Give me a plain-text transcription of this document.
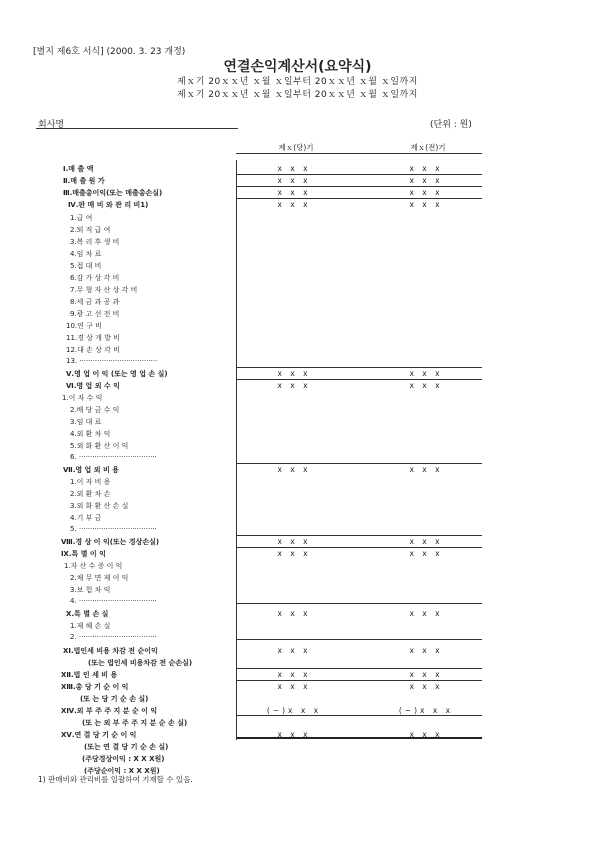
[별지 제6호 서식] (2000. 3. 23 개정)
연결손익계산서(요약식)
제ｘ기 20ｘｘ년 ｘ월 ｘ일부터 20ｘｘ년 ｘ월 ｘ일까지
제ｘ기 20ｘｘ년 ｘ월 ｘ일부터 20ｘｘ년 ｘ월 ｘ일까지
회사명	(단위 : 원)
제ｘ(당)기	제ｘ(전)기
Ⅰ.매 출 액	x x x	x x x
Ⅱ.매 출 원 가	x x x	x x x
Ⅲ.매출총이익(또는 매출총손실)	x x x	x x x
Ⅳ.판 매 비 와 관 리 비1)	x x x	x x x
1.급 여
2.퇴 직 급 여
3.복 리 후 생 비
4.임 차 료
5.접 대 비
6.감 가 상 각 비
7.무 형 자 산 상 각 비
8.세 금 과 공 과
9.광 고 선 전 비
10.연 구 비
11.경 상 개 발 비
12.대 손 상 각 비
13. ···································
Ⅴ.영 업 이 익 (또는 영 업 손 실)	x x x	x x x
Ⅵ.영 업 외 수 익	x x x	x x x
1.이 자 수 익
2.배 당 금 수 익
3.임 대 료
4.외 환 차 익
5.외 화 환 산 이 익
6. ···································
Ⅶ.영 업 외 비 용	x x x	x x x
1.이 자 비 용
2.외 환 차 손
3.외 화 환 산 손 실
4.기 부 금
5. ···································
Ⅷ.경 상 이 익(또는 경상손실)	x x x	x x x
Ⅸ.특 별 이 익	x x x	x x x
1.자 산 수 증 이 익
2.채 무 면 제 이 익
3.보 험 차 익
4. ···································
Ⅹ.특 별 손 실	x x x	x x x
1.재 해 손 실
2. ···································
ⅩⅠ.법인세 비용 차감 전 순이익	x x x	x x x
(또는 법인세 비용차감 전 순손실)
ⅩⅡ.법 인 세 비 용	x x x	x x x
ⅩⅢ.총 당 기 순 이 익	x x x	x x x
(또 는 당 기 순 손 실)
ⅩⅣ.외 부 주 주 지 분 순 이 익	(−)x x x	(−)x x x
(또 는 외 부 주 주 지 분 순 손 실)
ⅩⅤ.연 결 당 기 순 이 익	x x x	x x x
(또는 연 결 당 기 순 손 실)
(주당경상이익 : X X X원)
(주당순이익 : X X X원)
1) 판매비와 관리비를 일괄하여 기재할 수 있음.
